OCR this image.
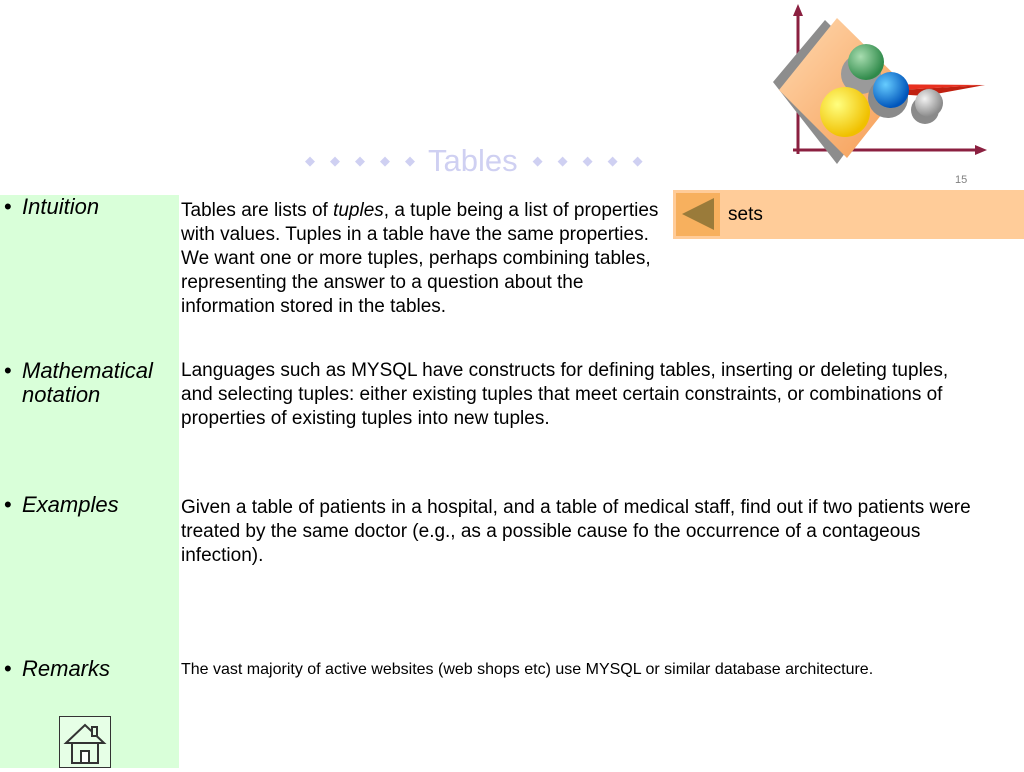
◆ ◆ ◆ ◆ ◆ Tables ◆ ◆ ◆ ◆ ◆
15
sets
• Intuition	Tables are lists of tuples, a tuple being a list of properties with values. Tuples in a table have the same properties. We want one or more tuples, perhaps combining tables, representing the answer to a question about the information stored in the tables.
• Mathematical
notation
Languages such as MYSQL have constructs for defining tables, inserting or deleting tuples, and selecting tuples: either existing tuples that meet certain constraints, or combinations of properties of existing tuples into new tuples.
• Examples	Given a table of patients in a hospital, and a table of medical staff, find out if two patients were treated by the same doctor (e.g., as a possible cause fo the occurrence of a contageous infection).
• Remarks	The vast majority of active websites (web shops etc) use MYSQL or similar database architecture.
